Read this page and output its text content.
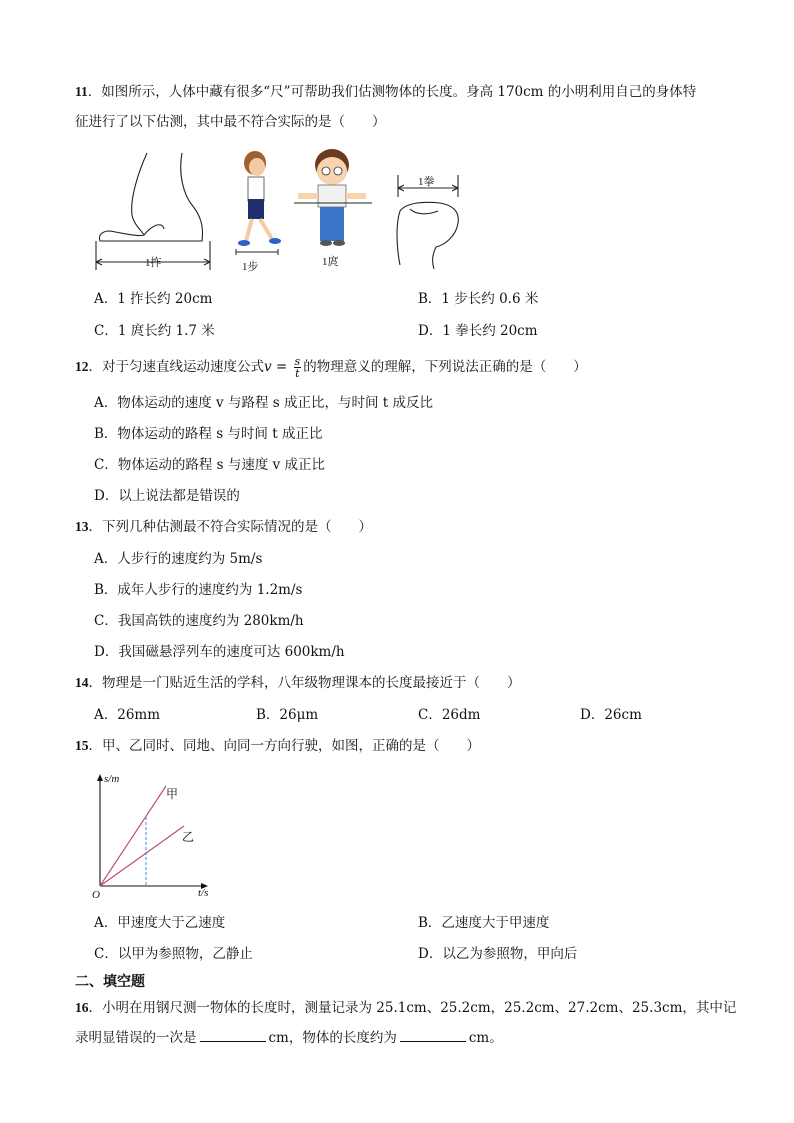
11．如图所示，人体中藏有很多“尺”可帮助我们估测物体的长度。身高 170cm 的小明利用自己的身体特
征进行了以下估测，其中最不符合实际的是（　　）
1拃	1步	1庹
1拳
A．1 拃长约 20cm	B．1 步长约 0.6 米
C．1 庹长约 1.7 米	D．1 拳长约 20cm
12．对于匀速直线运动速度公式$v = \frac{s}{t}$ 的物理意义的理解，下列说法正确的是（　　）
A．物体运动的速度 v 与路程 s 成正比，与时间 t 成反比
B．物体运动的路程 s 与时间 t 成正比
C．物体运动的路程 s 与速度 v 成正比
D．以上说法都是错误的
13．下列几种估测最不符合实际情况的是（　　）
A．人步行的速度约为 5m/s
B．成年人步行的速度约为 1.2m/s
C．我国高铁的速度约为 280km/h
D．我国磁悬浮列车的速度可达 600km/h
14．物理是一门贴近生活的学科，八年级物理课本的长度最接近于（　　）
A．26mm	B．26μm	C．26dm	D．26cm
15．甲、乙同时、同地、向同一方向行驶，如图，正确的是（　　）
s/m
t/s
O
甲
乙
A．甲速度大于乙速度	B．乙速度大于甲速度
C．以甲为参照物，乙静止	D．以乙为参照物，甲向后
二、填空题
16．小明在用钢尺测一物体的长度时，测量记录为 25.1cm、25.2cm，25.2cm、27.2cm、25.3cm，其中记
录明显错误的一次是	cm，物体的长度约为	cm。
